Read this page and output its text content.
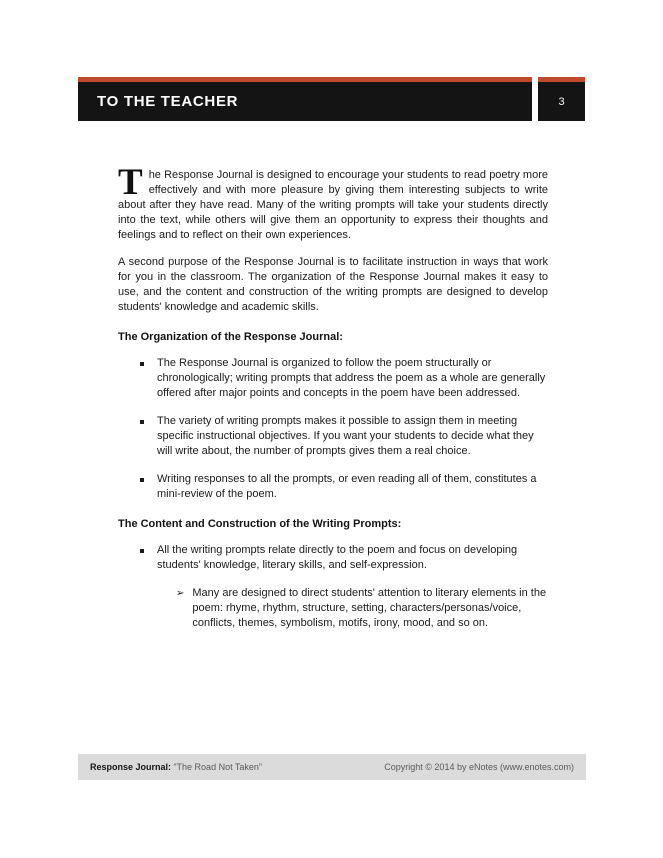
TO THE TEACHER	3

The Response Journal is designed to encourage your students to read poetry more effectively and with more pleasure by giving them interesting subjects to write about after they have read. Many of the writing prompts will take your students directly into the text, while others will give them an opportunity to express their thoughts and feelings and to reflect on their own experiences.

A second purpose of the Response Journal is to facilitate instruction in ways that work for you in the classroom. The organization of the Response Journal makes it easy to use, and the content and construction of the writing prompts are designed to develop students' knowledge and academic skills.

The Organization of the Response Journal:
The Response Journal is organized to follow the poem structurally or chronologically; writing prompts that address the poem as a whole are generally offered after major points and concepts in the poem have been addressed.
The variety of writing prompts makes it possible to assign them in meeting specific instructional objectives. If you want your students to decide what they will write about, the number of prompts gives them a real choice.
Writing responses to all the prompts, or even reading all of them, constitutes a mini-review of the poem.
The Content and Construction of the Writing Prompts:
All the writing prompts relate directly to the poem and focus on developing students' knowledge, literary skills, and self-expression.
➢ Many are designed to direct students' attention to literary elements in the poem: rhyme, rhythm, structure, setting, characters/personas/voice, conflicts, themes, symbolism, motifs, irony, mood, and so on.
Response Journal: “The Road Not Taken”	Copyright © 2014 by eNotes (www.enotes.com)
